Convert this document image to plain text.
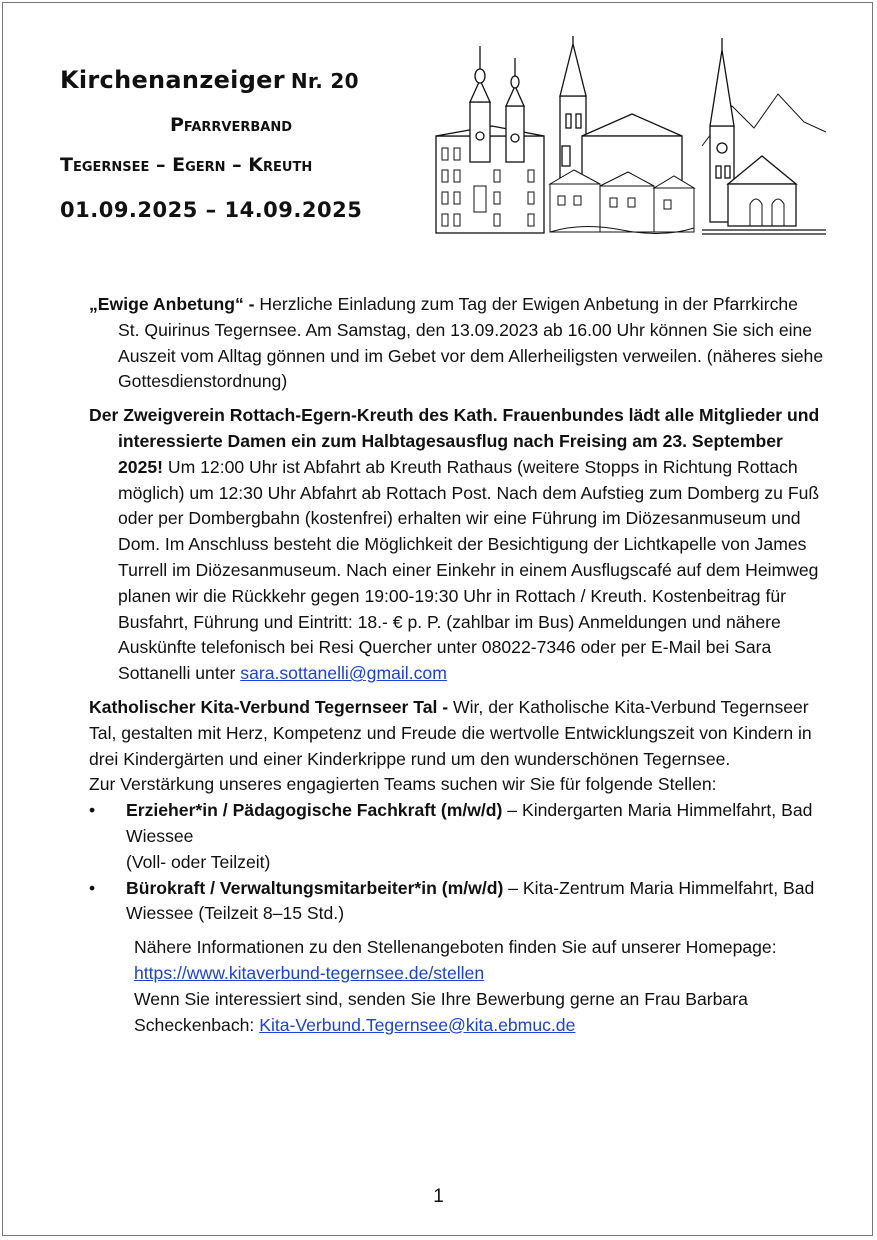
Kirchenanzeiger Nr. 20
Pfarrverband
Tegernsee – Egern – Kreuth
01.09.2025 – 14.09.2025

„Ewige Anbetung“ - Herzliche Einladung zum Tag der Ewigen Anbetung in der Pfarrkirche St. Quirinus Tegernsee. Am Samstag, den 13.09.2023 ab 16.00 Uhr können Sie sich eine Auszeit vom Alltag gönnen und im Gebet vor dem Allerheiligsten verweilen. (näheres siehe Gottesdienstordnung)

Der Zweigverein Rottach-Egern-Kreuth des Kath. Frauenbundes lädt alle Mitglieder und interessierte Damen ein zum Halbtagesausflug nach Freising am 23. September 2025! Um 12:00 Uhr ist Abfahrt ab Kreuth Rathaus (weitere Stopps in Richtung Rottach möglich) um 12:30 Uhr Abfahrt ab Rottach Post. Nach dem Aufstieg zum Domberg zu Fuß oder per Dombergbahn (kostenfrei) erhalten wir eine Führung im Diözesanmuseum und Dom. Im Anschluss besteht die Möglichkeit der Besichtigung der Lichtkapelle von James Turrell im Diözesanmuseum. Nach einer Einkehr in einem Ausflugscafé auf dem Heimweg planen wir die Rückkehr gegen 19:00-19:30 Uhr in Rottach / Kreuth. Kostenbeitrag für Busfahrt, Führung und Eintritt: 18.- € p. P. (zahlbar im Bus) Anmeldungen und nähere Auskünfte telefonisch bei Resi Quercher unter 08022-7346 oder per E-Mail bei Sara Sottanelli unter sara.sottanelli@gmail.com

Katholischer Kita-Verbund Tegernseer Tal - Wir, der Katholische Kita-Verbund Tegernseer Tal, gestalten mit Herz, Kompetenz und Freude die wertvolle Entwicklungszeit von Kindern in drei Kindergärten und einer Kinderkrippe rund um den wunderschönen Tegernsee.

Zur Verstärkung unseres engagierten Teams suchen wir Sie für folgende Stellen:

• Erzieher*in / Pädagogische Fachkraft (m/w/d) – Kindergarten Maria Himmelfahrt, Bad Wiessee
(Voll- oder Teilzeit)
• Bürokraft / Verwaltungsmitarbeiter*in (m/w/d) – Kita-Zentrum Maria Himmelfahrt, Bad Wiessee (Teilzeit 8–15 Std.)

Nähere Informationen zu den Stellenangeboten finden Sie auf unserer Homepage: https://www.kitaverbund-tegernsee.de/stellen

Wenn Sie interessiert sind, senden Sie Ihre Bewerbung gerne an Frau Barbara Scheckenbach: Kita-Verbund.Tegernsee@kita.ebmuc.de

1
